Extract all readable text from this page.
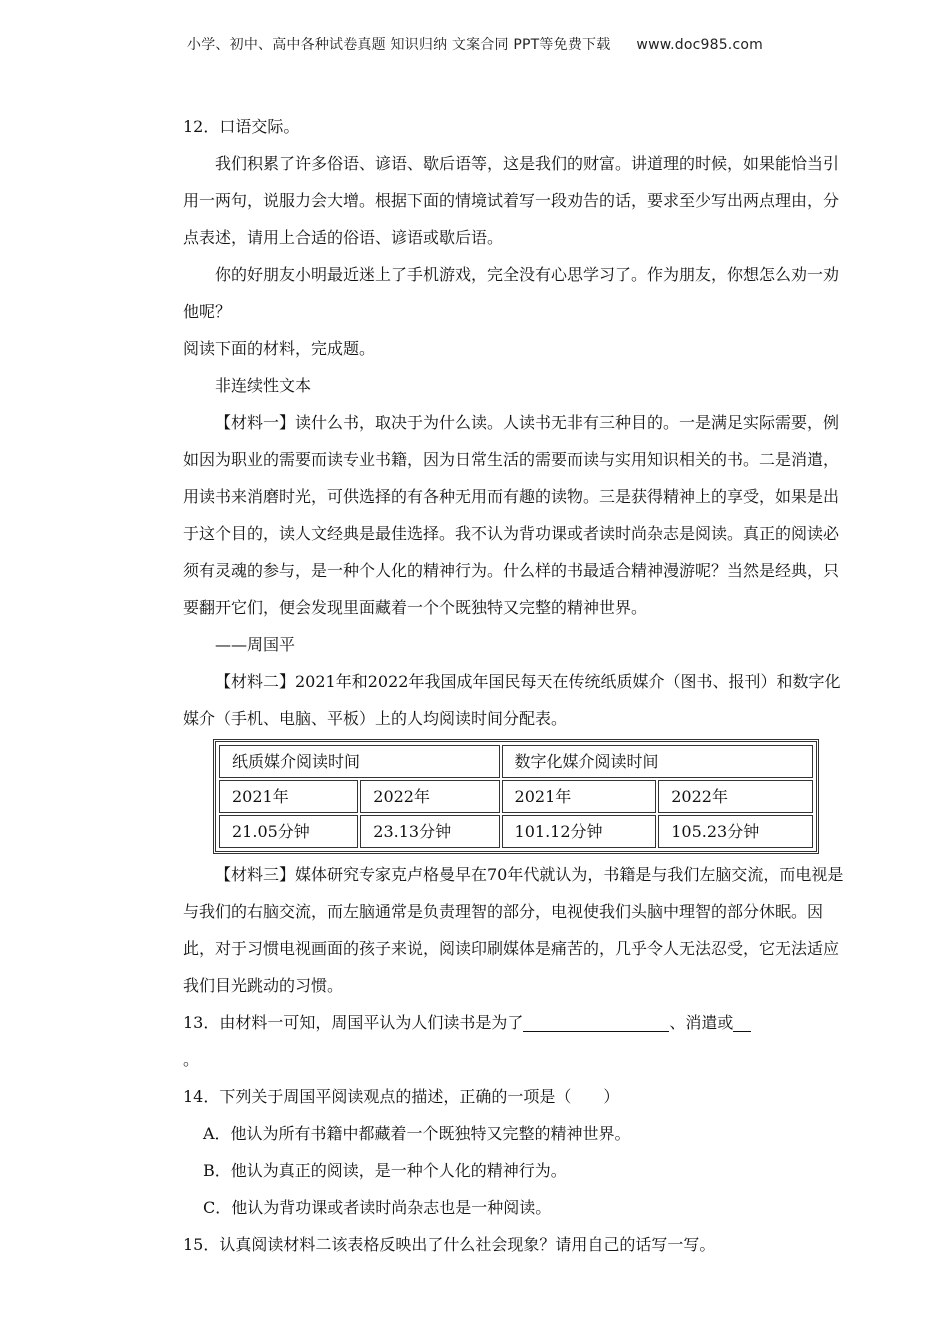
小学、初中、高中各种试卷真题 知识归纳 文案合同 PPT等免费下载 www.doc985.com

12．口语交际。

我们积累了许多俗语、谚语、歇后语等，这是我们的财富。讲道理的时候，如果能恰当引用一两句，说服力会大增。根据下面的情境试着写一段劝告的话，要求至少写出两点理由，分点表述，请用上合适的俗语、谚语或歇后语。

你的好朋友小明最近迷上了手机游戏，完全没有心思学习了。作为朋友，你想怎么劝一劝他呢？

阅读下面的材料，完成题。

非连续性文本

【材料一】读什么书，取决于为什么读。人读书无非有三种目的。一是满足实际需要，例如因为职业的需要而读专业书籍，因为日常生活的需要而读与实用知识相关的书。二是消遣，用读书来消磨时光，可供选择的有各种无用而有趣的读物。三是获得精神上的享受，如果是出于这个目的，读人文经典是最佳选择。我不认为背功课或者读时尚杂志是阅读。真正的阅读必须有灵魂的参与，是一种个人化的精神行为。什么样的书最适合精神漫游呢？当然是经典，只要翻开它们，便会发现里面藏着一个个既独特又完整的精神世界。

——周国平

【材料二】2021年和2022年我国成年国民每天在传统纸质媒介（图书、报刊）和数字化媒介（手机、电脑、平板）上的人均阅读时间分配表。

纸质媒介阅读时间		数字化媒介阅读时间	
2021年	2022年	2021年	2022年
21.05分钟	23.13分钟	101.12分钟	105.23分钟

【材料三】媒体研究专家克卢格曼早在70年代就认为，书籍是与我们左脑交流，而电视是与我们的右脑交流，而左脑通常是负责理智的部分，电视使我们头脑中理智的部分休眠。因此，对于习惯电视画面的孩子来说，阅读印刷媒体是痛苦的，几乎令人无法忍受，它无法适应我们目光跳动的习惯。

13．由材料一可知，周国平认为人们读书是为了	、消遣或
。

14．下列关于周国平阅读观点的描述，正确的一项是（　　）

A．他认为所有书籍中都藏着一个既独特又完整的精神世界。

B．他认为真正的阅读，是一种个人化的精神行为。

C．他认为背功课或者读时尚杂志也是一种阅读。

15．认真阅读材料二该表格反映出了什么社会现象？请用自己的话写一写。
